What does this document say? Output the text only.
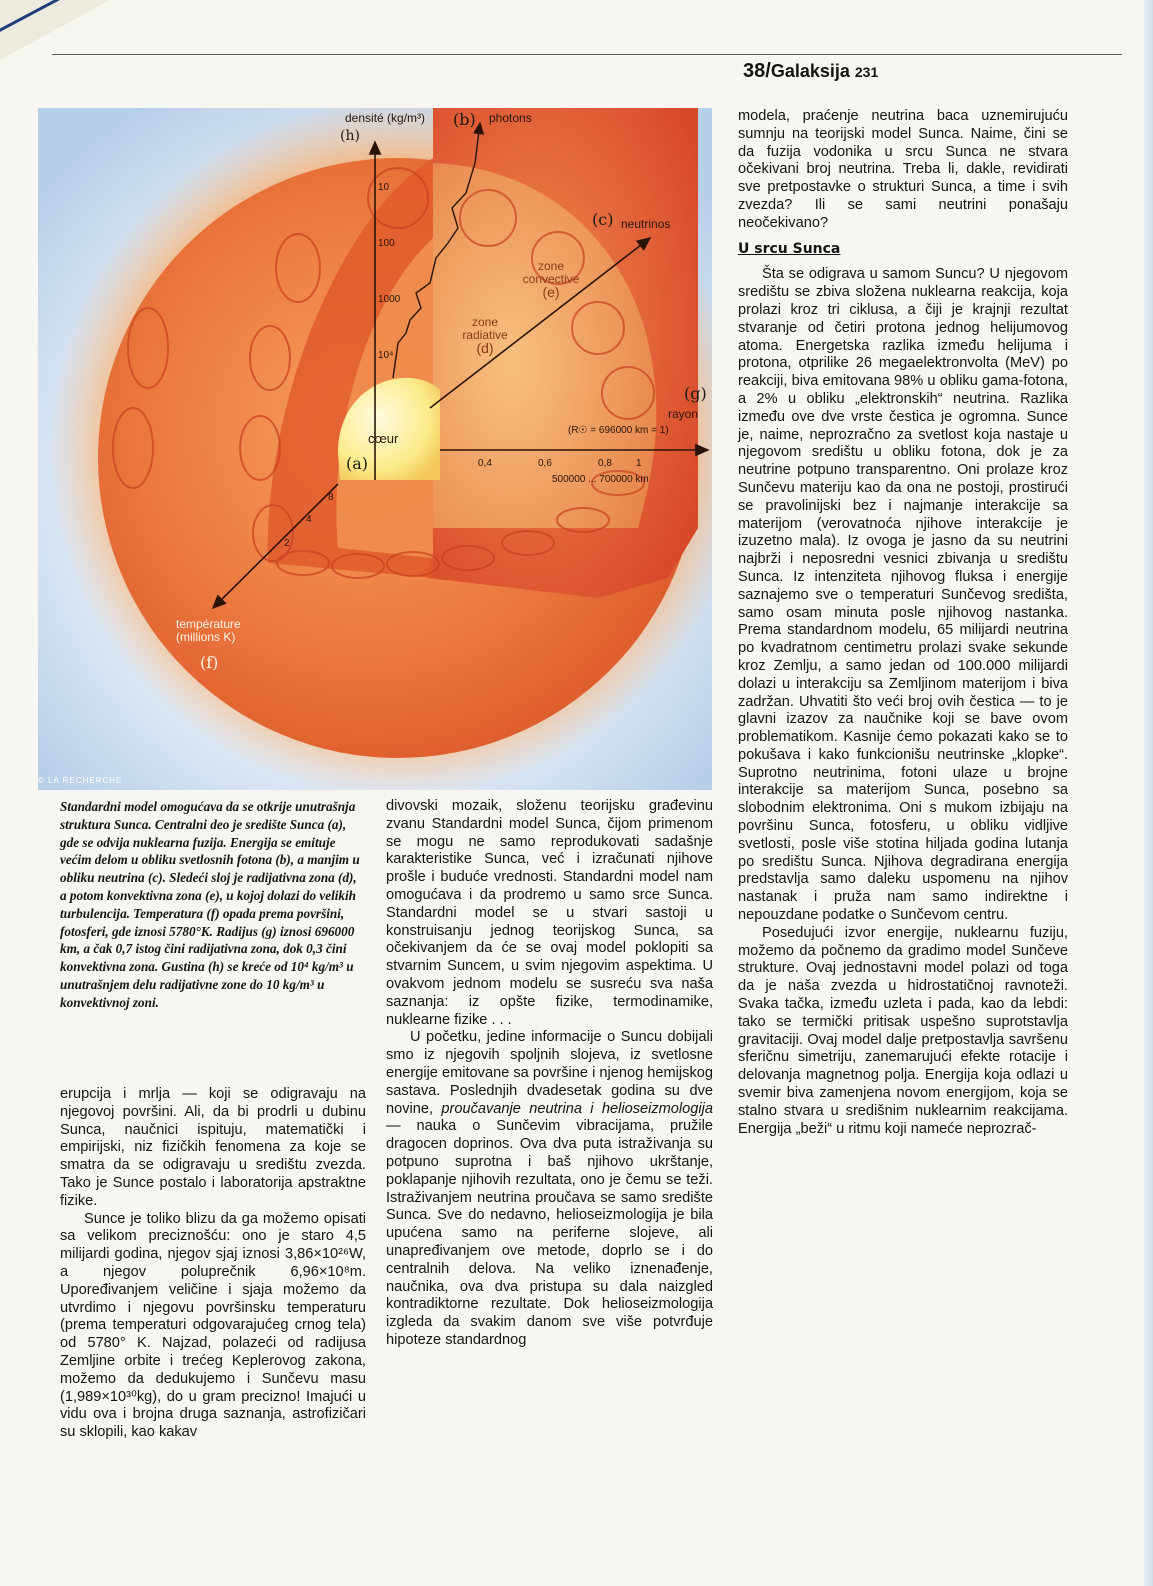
38/Galaksija 231
densité (kg/m³)
(h)
(b) photons
(c) neutrinos
zone
convective
(e)
zone
radiative
(d)
10
100
1000
10⁴
cœur
(a)
(g)
rayon
(R☉ = 696000 km = 1)
0,4	0,6	0,8 1
500000 ... 700000 km
8
4
2
température
(millions K)
(f)
© LA RECHERCHE
Standardni model omogućava da se otkrije unutrašnja struktura Sunca. Centralni deo je središte Sunca (a), gde se odvija nuklearna fuzija. Energija se emituje većim delom u obliku svetlosnih fotona (b), a manjim u obliku neutrina (c). Sledeći sloj je radijativna zona (d), a potom konvektivna zona (e), u kojoj dolazi do velikih turbulencija. Temperatura (f) opada prema površini, fotosferi, gde iznosi 5780°K. Radijus (g) iznosi 696000 km, a čak 0,7 istog čini radijativna zona, dok 0,3 čini konvektivna zona. Gustina (h) se kreće od 10⁴ kg/m³ u unutrašnjem delu radijativne zone do 10 kg/m³ u konvektivnoj zoni.

erupcija i mrlja — koji se odigravaju na njegovoj površini. Ali, da bi prodrli u dubinu Sunca, naučnici ispituju, matematički i empirijski, niz fizičkih fenomena za koje se smatra da se odigravaju u središtu zvezda. Tako je Sunce postalo i laboratorija apstraktne fizike.

Sunce je toliko blizu da ga možemo opisati sa velikom preciznošću: ono je staro 4,5 milijardi godina, njegov sjaj iznosi 3,86×10²⁶W, a njegov poluprečnik 6,96×10⁸m. Upoređivanjem veličine i sjaja možemo da utvrdimo i njegovu površinsku temperaturu (prema temperaturi odgovarajućeg crnog tela) od 5780° K. Najzad, polazeći od radijusa Zemljine orbite i trećeg Keplerovog zakona, možemo da dedukujemo i Sunčevu masu (1,989×10³⁰kg), do u gram precizno! Imajući u vidu ova i brojna druga saznanja, astrofizičari su sklopili, kao kakav

divovski mozaik, složenu teorijsku građevinu zvanu Standardni model Sunca, čijom primenom se mogu ne samo reprodukovati sadašnje karakteristike Sunca, već i izračunati njihove prošle i buduće vrednosti. Standardni model nam omogućava i da prodremo u samo srce Sunca. Standardni model se u stvari sastoji u konstruisanju jednog teorijskog Sunca, sa očekivanjem da će se ovaj model poklopiti sa stvarnim Suncem, u svim njegovim aspektima. U ovakvom jednom modelu se susreću sva naša saznanja: iz opšte fizike, termodinamike, nuklearne fizike . . .

U početku, jedine informacije o Suncu dobijali smo iz njegovih spoljnih slojeva, iz svetlosne energije emitovane sa površine i njenog hemijskog sastava. Poslednjih dvadesetak godina su dve novine, proučavanje neutrina i helioseizmologija — nauka o Sunčevim vibracijama, pružile dragocen doprinos. Ova dva puta istraživanja su potpuno suprotna i baš njihovo ukrštanje, poklapanje njihovih rezultata, ono je čemu se teži. Istraživanjem neutrina proučava se samo središte Sunca. Sve do nedavno, helioseizmologija je bila upućena samo na periferne slojeve, ali unapređivanjem ove metode, doprlo se i do centralnih delova. Na veliko iznenađenje, naučnika, ova dva pristupa su dala naizgled kontradiktorne rezultate. Dok helioseizmologija izgleda da svakim danom sve više potvrđuje hipoteze standardnog

modela, praćenje neutrina baca uznemirujuću sumnju na teorijski model Sunca. Naime, čini se da fuzija vodonika u srcu Sunca ne stvara očekivani broj neutrina. Treba li, dakle, revidirati sve pretpostavke o strukturi Sunca, a time i svih zvezda? Ili se sami neutrini ponašaju neočekivano?

U srcu Sunca

Šta se odigrava u samom Suncu? U njegovom središtu se zbiva složena nuklearna reakcija, koja prolazi kroz tri ciklusa, a čiji je krajnji rezultat stvaranje od četiri protona jednog helijumovog atoma. Energetska razlika između helijuma i protona, otprilike 26 megaelektronvolta (MeV) po reakciji, biva emitovana 98% u obliku gama-fotona, a 2% u obliku „elektronskih“ neutrina. Razlika između ove dve vrste čestica je ogromna. Sunce je, naime, neprozračno za svetlost koja nastaje u njegovom središtu u obliku fotona, dok je za neutrine potpuno transparentno. Oni prolaze kroz Sunčevu materiju kao da ona ne postoji, prostirući se pravolinijski bez i najmanje interakcije sa materijom (verovatnoća njihove interakcije je izuzetno mala). Iz ovoga je jasno da su neutrini najbrži i neposredni vesnici zbivanja u središtu Sunca. Iz intenziteta njihovog fluksa i energije saznajemo sve o temperaturi Sunčevog središta, samo osam minuta posle njihovog nastanka. Prema standardnom modelu, 65 milijardi neutrina po kvadratnom centimetru prolazi svake sekunde kroz Zemlju, a samo jedan od 100.000 milijardi dolazi u interakciju sa Zemljinom materijom i biva zadržan. Uhvatiti što veći broj ovih čestica — to je glavni izazov za naučnike koji se bave ovom problematikom. Kasnije ćemo pokazati kako se to pokušava i kako funkcionišu neutrinske „klopke“. Suprotno neutrinima, fotoni ulaze u brojne interakcije sa materijom Sunca, posebno sa slobodnim elektronima. Oni s mukom izbijaju na površinu Sunca, fotosferu, u obliku vidljive svetlosti, posle više stotina hiljada godina lutanja po središtu Sunca. Njihova degradirana energija predstavlja samo daleku uspomenu na njihov nastanak i pruža nam samo indirektne i nepouzdane podatke o Sunčevom centru.

Posedujući izvor energije, nuklearnu fuziju, možemo da počnemo da gradimo model Sunčeve strukture. Ovaj jednostavni model polazi od toga da je naša zvezda u hidrostatičnoj ravnoteži. Svaka tačka, između uzleta i pada, kao da lebdi: tako se termički pritisak uspešno suprotstavlja gravitaciji. Ovaj model dalje pretpostavlja savršenu sferičnu simetriju, zanemarujući efekte rotacije i delovanja magnetnog polja. Energija koja odlazi u svemir biva zamenjena novom energijom, koja se stalno stvara u središnim nuklearnim reakcijama. Energija „beži“ u ritmu koji nameće neprozrač-
